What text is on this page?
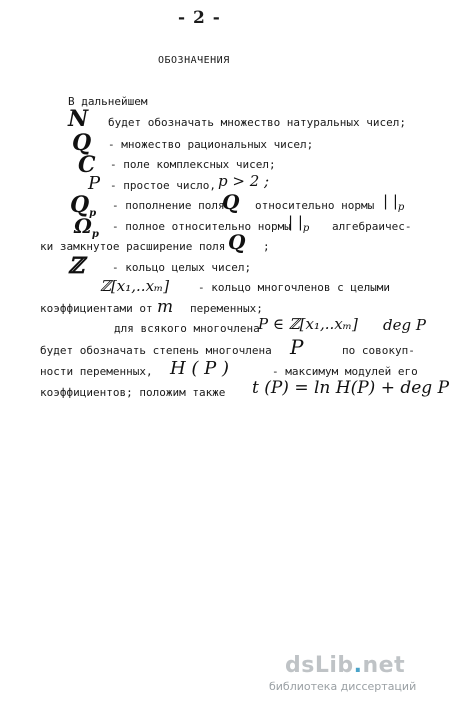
- 2 -
ОБОЗНАЧЕНИЯ
В дальнейшем
N будет обозначать множество натуральных чисел;
Q - множество рациональных чисел;
C - поле комплексных чисел;
P - простое число, p > 2 ;
$Q_p$
- пополнение поля
Q относительно нормы | $|_p$
$\Omega_p$
- полное относительно нормы
| $|_p$ алгебраичес-
ки замкнутое расширение поля Q ;
ℤ	- кольцо целых чисел;
ℤ[x₁,..xₘ]	- кольцо многочленов с целыми
коэффициентами от m переменных;
для всякого многочлена
P ∈ ℤ[x₁,..xₘ] deg P
будет обозначать степень многочлена P	по совокуп-
ности переменных, H ( P )	- максимум модулей его
коэффициентов; положим также t (P) = ln H(P) + deg P
dsLib.net
библиотека диссертаций
